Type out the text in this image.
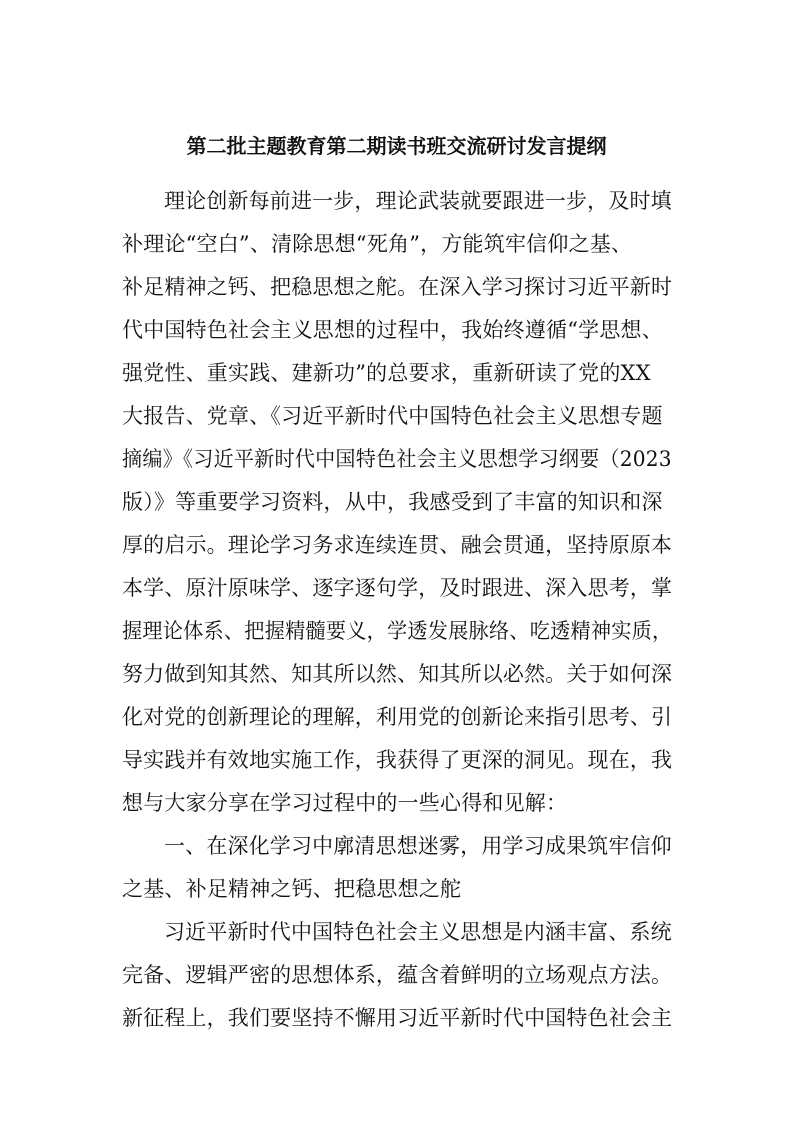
第二批主题教育第二期读书班交流研讨发言提纲
理论创新每前进一步，理论武装就要跟进一步，及时填
补理论“空白”、清除思想“死角”，方能筑牢信仰之基、
补足精神之钙、把稳思想之舵。在深入学习探讨习近平新时
代中国特色社会主义思想的过程中，我始终遵循“学思想、
强党性、重实践、建新功”的总要求，重新研读了党的XX
大报告、党章、《习近平新时代中国特色社会主义思想专题
摘编》《习近平新时代中国特色社会主义思想学习纲要（2023
版）》等重要学习资料，从中，我感受到了丰富的知识和深
厚的启示。理论学习务求连续连贯、融会贯通，坚持原原本
本学、原汁原味学、逐字逐句学，及时跟进、深入思考，掌
握理论体系、把握精髓要义，学透发展脉络、吃透精神实质，
努力做到知其然、知其所以然、知其所以必然。关于如何深
化对党的创新理论的理解，利用党的创新论来指引思考、引
导实践并有效地实施工作，我获得了更深的洞见。现在，我
想与大家分享在学习过程中的一些心得和见解：
一、在深化学习中廓清思想迷雾，用学习成果筑牢信仰
之基、补足精神之钙、把稳思想之舵
习近平新时代中国特色社会主义思想是内涵丰富、系统
完备、逻辑严密的思想体系，蕴含着鲜明的立场观点方法。
新征程上，我们要坚持不懈用习近平新时代中国特色社会主
